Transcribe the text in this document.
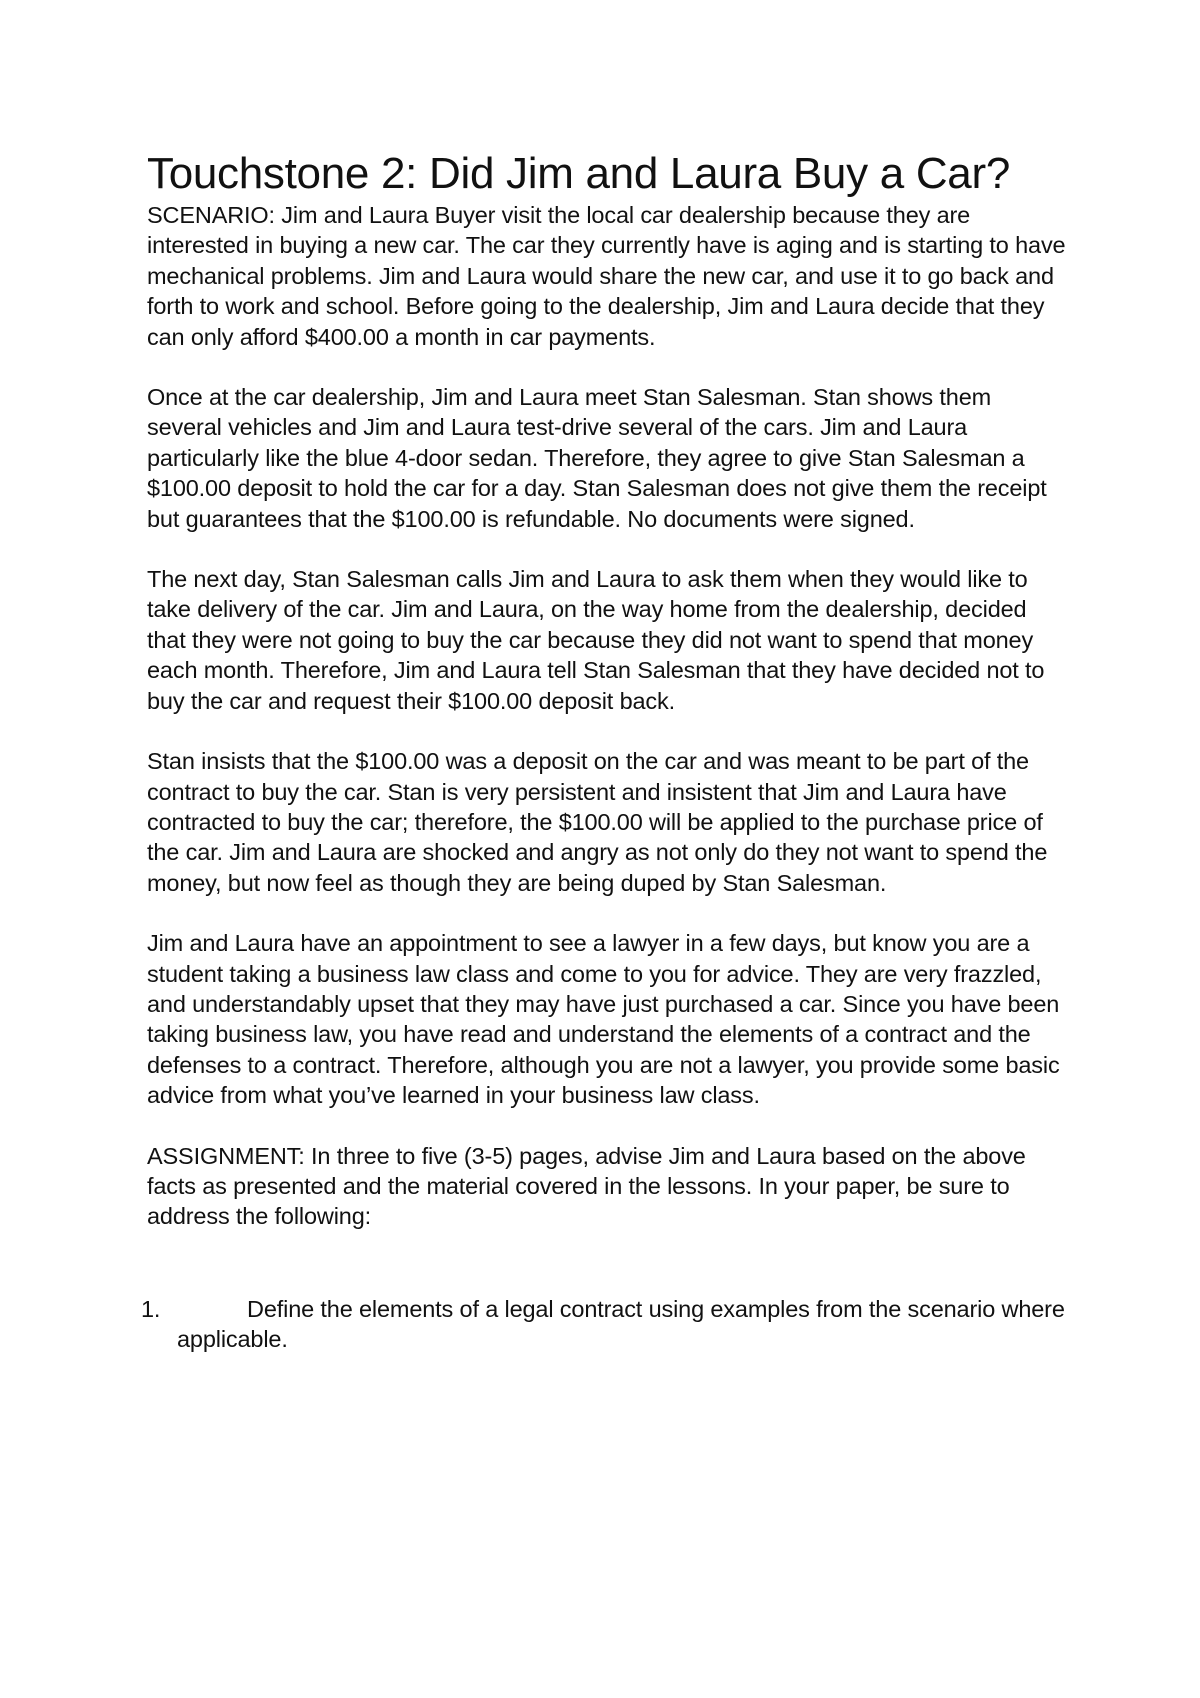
Touchstone 2: Did Jim and Laura Buy a Car?

SCENARIO: Jim and Laura Buyer visit the local car dealership because they are interested in buying a new car. The car they currently have is aging and is starting to have mechanical problems. Jim and Laura would share the new car, and use it to go back and forth to work and school. Before going to the dealership, Jim and Laura decide that they can only afford $400.00 a month in car payments.

Once at the car dealership, Jim and Laura meet Stan Salesman. Stan shows them several vehicles and Jim and Laura test-drive several of the cars. Jim and Laura particularly like the blue 4-door sedan. Therefore, they agree to give Stan Salesman a $100.00 deposit to hold the car for a day. Stan Salesman does not give them the receipt but guarantees that the $100.00 is refundable. No documents were signed.

The next day, Stan Salesman calls Jim and Laura to ask them when they would like to take delivery of the car. Jim and Laura, on the way home from the dealership, decided that they were not going to buy the car because they did not want to spend that money each month. Therefore, Jim and Laura tell Stan Salesman that they have decided not to buy the car and request their $100.00 deposit back.

Stan insists that the $100.00 was a deposit on the car and was meant to be part of the contract to buy the car. Stan is very persistent and insistent that Jim and Laura have contracted to buy the car; therefore, the $100.00 will be applied to the purchase price of the car. Jim and Laura are shocked and angry as not only do they not want to spend the money, but now feel as though they are being duped by Stan Salesman.

Jim and Laura have an appointment to see a lawyer in a few days, but know you are a student taking a business law class and come to you for advice. They are very frazzled, and understandably upset that they may have just purchased a car. Since you have been taking business law, you have read and understand the elements of a contract and the defenses to a contract. Therefore, although you are not a lawyer, you provide some basic advice from what you’ve learned in your business law class.

ASSIGNMENT: In three to five (3-5) pages, advise Jim and Laura based on the above facts as presented and the material covered in the lessons. In your paper, be sure to address the following:

1.	Define the elements of a legal contract using examples from the scenario where applicable.
